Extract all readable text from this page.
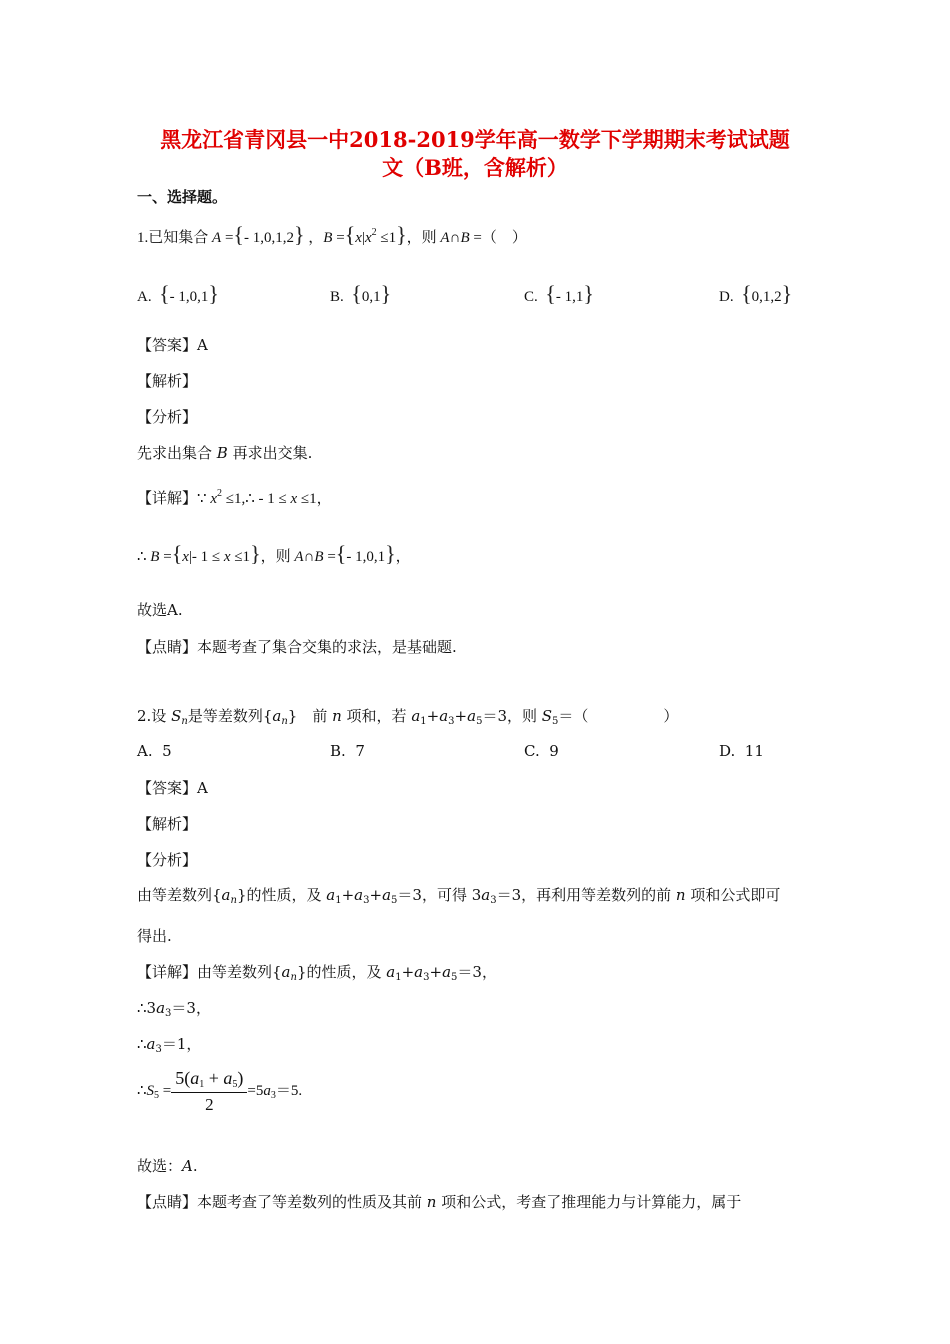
黑龙江省青冈县一中2018-2019学年高一数学下学期期末考试试题
文（B班，含解析）
一、选择题。
1.已知集合 A ={- 1,0,1,2} ，$B =\{x|x^2 \le 1\}$，则 A∩B =（　）
A.  {- 1,0,1}	B.  {0,1}	C.  {- 1,1}	D.  {0,1,2}
【答案】A
【解析】
【分析】
先求出集合 B 再求出交集.
【详解】∵ $x^2$ ≤1,∴ - 1 ≤ x ≤1，
∴ B ={x|- 1 ≤ x ≤1}，则 A∩B ={- 1,0,1}，
故选A.
【点睛】本题考查了集合交集的求法，是基础题.
2.设 $S_n$是等差数列$\{a_n\}$　前 n 项和，若 $a_1+a_3+a_5=3$，则 $S_5=$（　　　　　）
A.  5	B.  7	C.  9	D.  11
【答案】A
【解析】
【分析】
由等差数列$\{a_n\}$的性质，及 $a_1+a_3+a_5=3$，可得 $3a_3=3$，再利用等差数列的前 n 项和公式即可
得出.
【详解】由等差数列$\{a_n\}$的性质，及 $a_1+a_3+a_5=3$，
$\therefore 3a_3=3$，
$\therefore a_3=1$，
$\therefore S_5 = \frac{5(a_1 + a_5)}{2} =5a_3=5$.
故选：A.
【点睛】本题考查了等差数列的性质及其前 n 项和公式，考查了推理能力与计算能力，属于
